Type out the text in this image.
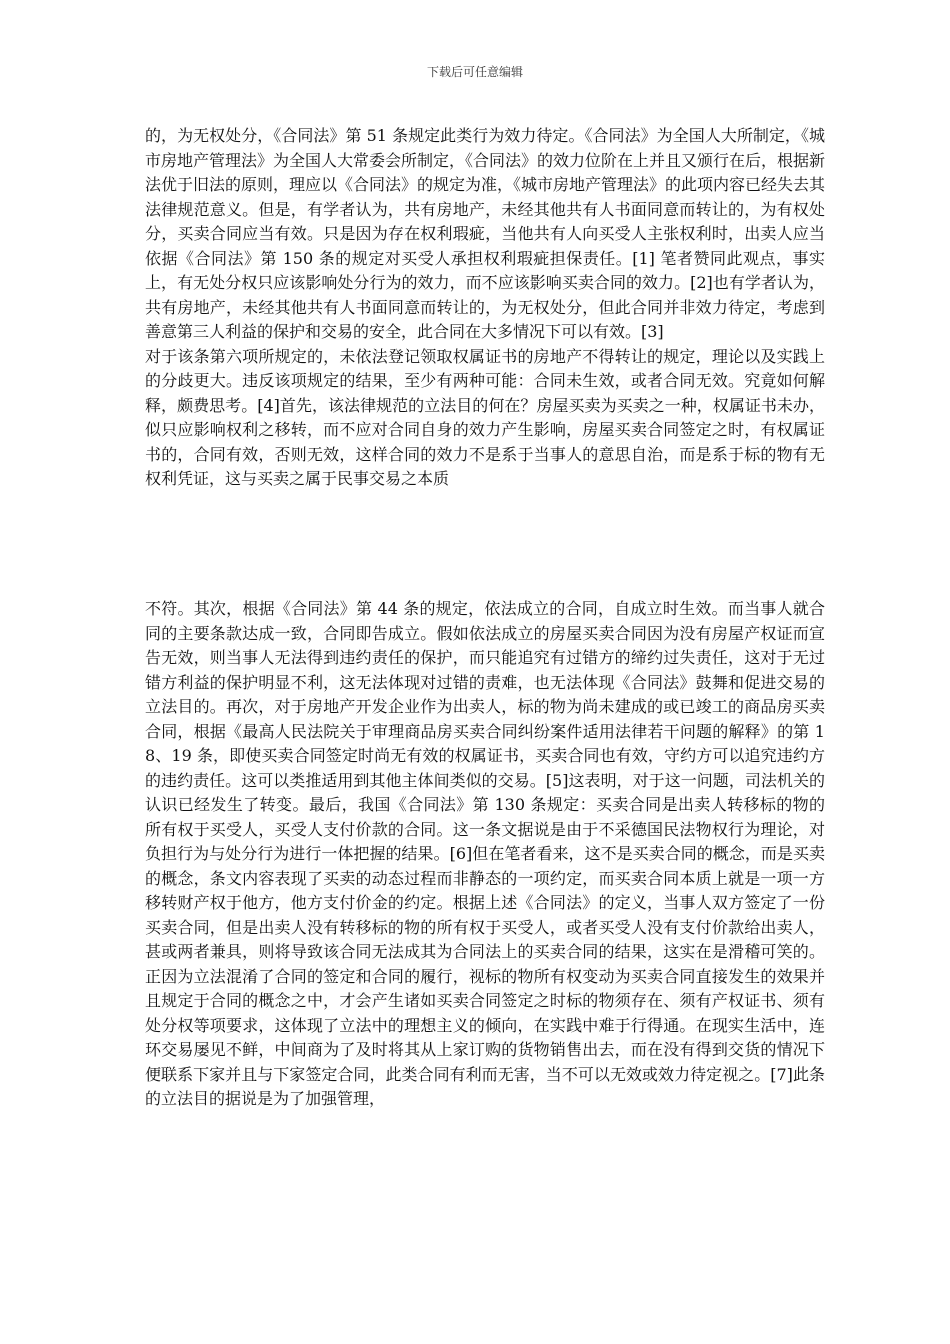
下载后可任意编辑

的，为无权处分，《合同法》第 51 条规定此类行为效力待定。《合同法》为全国人大所制定，《城市房地产管理法》为全国人大常委会所制定，《合同法》的效力位阶在上并且又颁行在后，根据新法优于旧法的原则，理应以《合同法》的规定为准，《城市房地产管理法》的此项内容已经失去其法律规范意义。但是，有学者认为，共有房地产，未经其他共有人书面同意而转让的，为有权处分，买卖合同应当有效。只是因为存在权利瑕疵，当他共有人向买受人主张权利时，出卖人应当依据《合同法》第 150 条的规定对买受人承担权利瑕疵担保责任。[1] 笔者赞同此观点，事实上，有无处分权只应该影响处分行为的效力，而不应该影响买卖合同的效力。[2]也有学者认为，共有房地产，未经其他共有人书面同意而转让的，为无权处分，但此合同并非效力待定，考虑到善意第三人利益的保护和交易的安全，此合同在大多情况下可以有效。[3]

对于该条第六项所规定的，未依法登记领取权属证书的房地产不得转让的规定，理论以及实践上的分歧更大。违反该项规定的结果，至少有两种可能：合同未生效，或者合同无效。究竟如何解释，颇费思考。[4]首先，该法律规范的立法目的何在？房屋买卖为买卖之一种，权属证书未办，似只应影响权利之移转，而不应对合同自身的效力产生影响，房屋买卖合同签定之时，有权属证书的，合同有效，否则无效，这样合同的效力不是系于当事人的意思自治，而是系于标的物有无权利凭证，这与买卖之属于民事交易之本质

不符。其次，根据《合同法》第 44 条的规定，依法成立的合同，自成立时生效。而当事人就合同的主要条款达成一致，合同即告成立。假如依法成立的房屋买卖合同因为没有房屋产权证而宣告无效，则当事人无法得到违约责任的保护，而只能追究有过错方的缔约过失责任，这对于无过错方利益的保护明显不利，这无法体现对过错的责难，也无法体现《合同法》鼓舞和促进交易的立法目的。再次，对于房地产开发企业作为出卖人，标的物为尚未建成的或已竣工的商品房买卖合同，根据《最高人民法院关于审理商品房买卖合同纠纷案件适用法律若干问题的解释》的第 18、19 条，即使买卖合同签定时尚无有效的权属证书，买卖合同也有效，守约方可以追究违约方的违约责任。这可以类推适用到其他主体间类似的交易。[5]这表明，对于这一问题，司法机关的认识已经发生了转变。最后，我国《合同法》第 130 条规定：买卖合同是出卖人转移标的物的所有权于买受人，买受人支付价款的合同。这一条文据说是由于不采德国民法物权行为理论，对负担行为与处分行为进行一体把握的结果。[6]但在笔者看来，这不是买卖合同的概念，而是买卖的概念，条文内容表现了买卖的动态过程而非静态的一项约定，而买卖合同本质上就是一项一方移转财产权于他方，他方支付价金的约定。根据上述《合同法》的定义，当事人双方签定了一份买卖合同，但是出卖人没有转移标的物的所有权于买受人，或者买受人没有支付价款给出卖人，甚或两者兼具，则将导致该合同无法成其为合同法上的买卖合同的结果，这实在是滑稽可笑的。正因为立法混淆了合同的签定和合同的履行，视标的物所有权变动为买卖合同直接发生的效果并且规定于合同的概念之中，才会产生诸如买卖合同签定之时标的物须存在、须有产权证书、须有处分权等项要求，这体现了立法中的理想主义的倾向，在实践中难于行得通。在现实生活中，连环交易屡见不鲜，中间商为了及时将其从上家订购的货物销售出去，而在没有得到交货的情况下便联系下家并且与下家签定合同，此类合同有利而无害，当不可以无效或效力待定视之。[7]此条的立法目的据说是为了加强管理，
